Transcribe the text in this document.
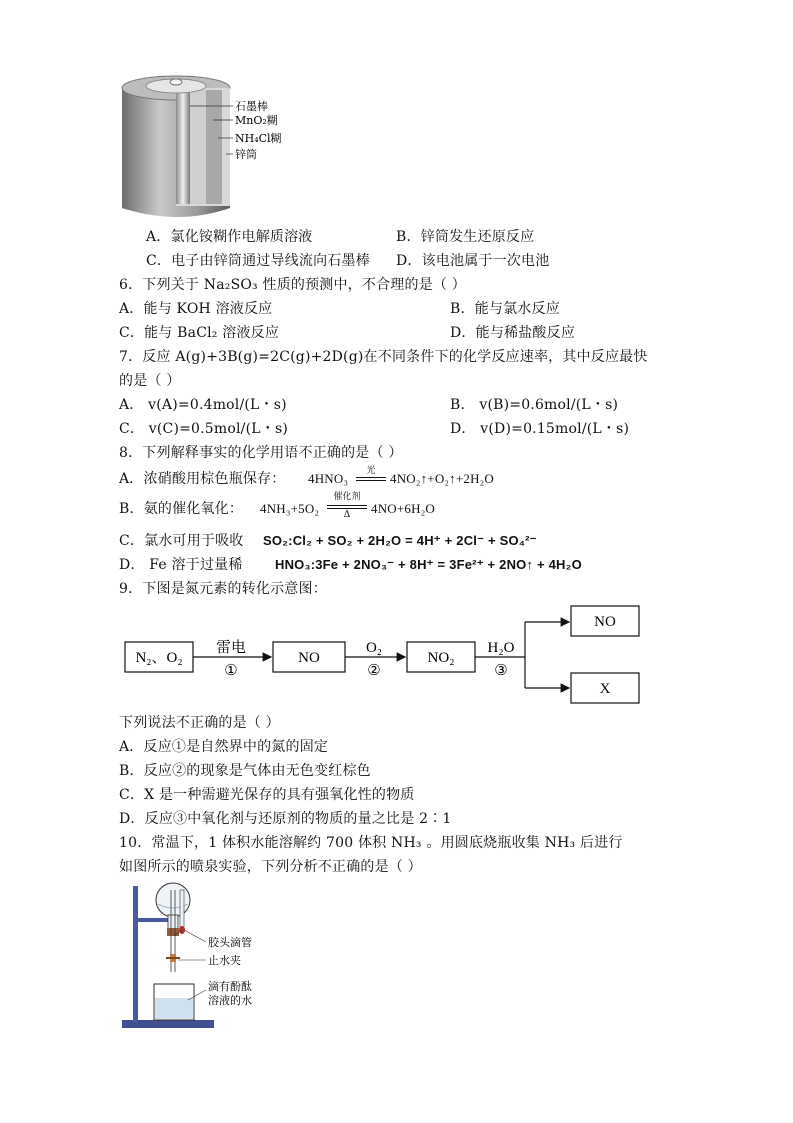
石墨棒
MnO₂糊
NH₄Cl糊
锌筒
A．氯化铵糊作电解质溶液	B．锌筒发生还原反应
C．电子由锌筒通过导线流向石墨棒 D．该电池属于一次电池
6．下列关于 Na₂SO₃ 性质的预测中，不合理的是（ ）
A．能与 KOH 溶液反应	B．能与氯水反应
C．能与 BaCl₂ 溶液反应	D．能与稀盐酸反应
7．反应 A(g)+3B(g)=2C(g)+2D(g)在不同条件下的化学反应速率，其中反应最快
的是（ ）
A． v(A)=0.4mol/(L・s)	B． v(B)=0.6mol/(L・s)
C． v(C)=0.5mol/(L・s)	D． v(D)=0.15mol/(L・s)
8．下列解释事实的化学用语不正确的是（ ）
A．浓硝酸用棕色瓶保存： 4HNO₃	光	4NO₂↑+O₂↑+2H₂O
B．氨的催化氧化： 4NH₃+5O₂
催化剂
Δ	4NO+6H₂O
C．氯水可用于吸收 SO₂:Cl₂ + SO₂ + 2H₂O = 4H⁺ + 2Cl⁻ + SO₄²⁻
D． Fe 溶于过量稀 HNO₃:3Fe + 2NO₃⁻ + 8H⁺ = 3Fe²⁺ + 2NO↑ + 4H₂O
9．下图是氮元素的转化示意图：
N₂、O₂
雷电
①
NO
O₂
②
NO₂
H₂O
③
NO
X
下列说法不正确的是（ ）
A．反应①是自然界中的氮的固定
B．反应②的现象是气体由无色变红棕色
C．X 是一种需避光保存的具有强氧化性的物质
D．反应③中氧化剂与还原剂的物质的量之比是 2∶1
10．常温下，1 体积水能溶解约 700 体积 NH₃ 。用圆底烧瓶收集 NH₃ 后进行
如图所示的喷泉实验，下列分析不正确的是（ ）
胶头滴管
止水夹
滴有酚酞
溶液的水
